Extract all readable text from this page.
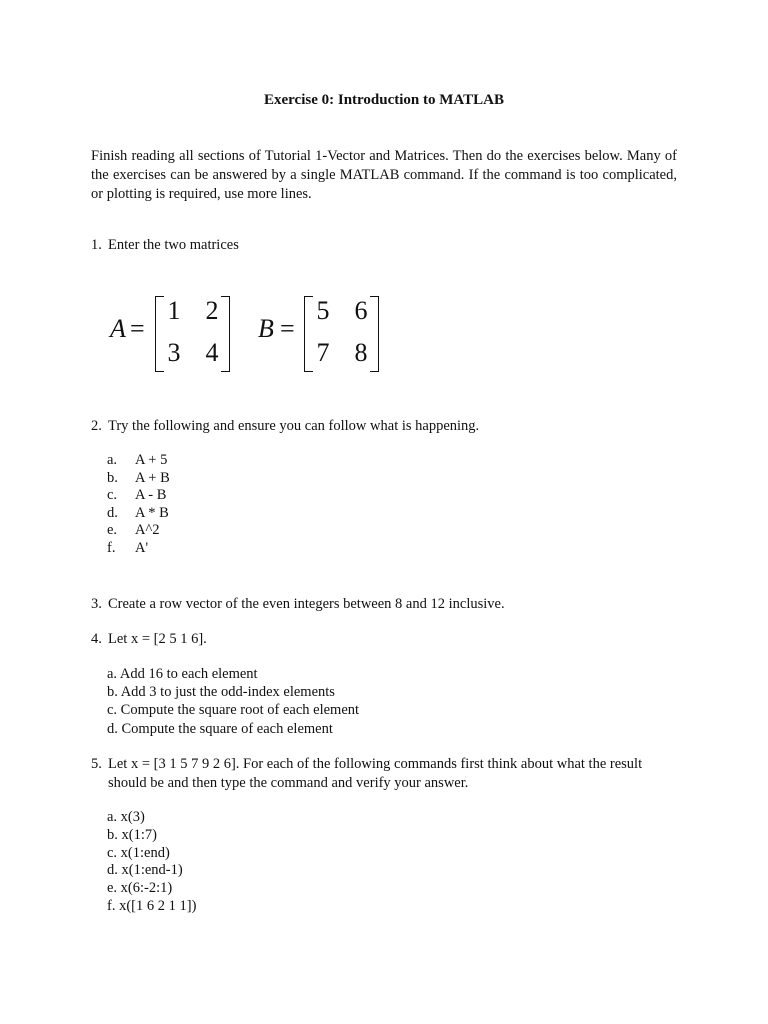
Exercise 0: Introduction to MATLAB
Finish reading all sections of Tutorial 1-Vector and Matrices. Then do the exercises below. Many of the exercises can be answered by a single MATLAB command. If the command is too complicated, or plotting is required, use more lines.
1. Enter the two matrices
A =
1 2
3 4
B =
5 6
7 8
2. Try the following and ensure you can follow what is happening.
a. A + 5
b. A + B
c. A - B
d. A * B
e. A^2
f. A'
3. Create a row vector of the even integers between 8 and 12 inclusive.
4. Let x = [2 5 1 6].
a. Add 16 to each element
b. Add 3 to just the odd-index elements
c. Compute the square root of each element
d. Compute the square of each element
5. Let x = [3 1 5 7 9 2 6]. For each of the following commands first think about what the result should be and then type the command and verify your answer.
a. x(3)
b. x(1:7)
c. x(1:end)
d. x(1:end-1)
e. x(6:-2:1)
f. x([1 6 2 1 1])
